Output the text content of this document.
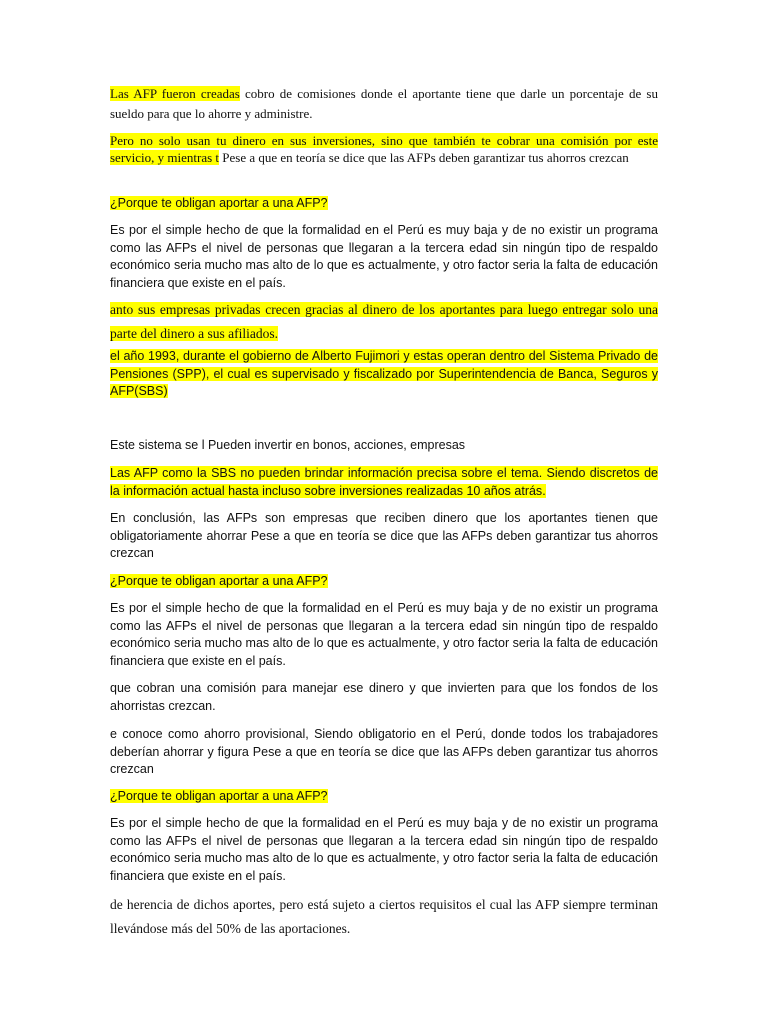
Las AFP fueron creadas cobro de comisiones donde el aportante tiene que darle un porcentaje de su sueldo para que lo ahorre y administre.

Pero no solo usan tu dinero en sus inversiones, sino que también te cobrar una comisión por este servicio, y mientras t Pese a que en teoría se dice que las AFPs deben garantizar tus ahorros crezcan

¿Porque te obligan aportar a una AFP?

Es por el simple hecho de que la formalidad en el Perú es muy baja y de no existir un programa como las AFPs el nivel de personas que llegaran a la tercera edad sin ningún tipo de respaldo económico seria mucho mas alto de lo que es actualmente, y otro factor seria la falta de educación financiera que existe en el país.

anto sus empresas privadas crecen gracias al dinero de los aportantes para luego entregar solo una parte del dinero a sus afiliados.

el año 1993, durante el gobierno de Alberto Fujimori y estas operan dentro del Sistema Privado de Pensiones (SPP), el cual es supervisado y fiscalizado por Superintendencia de Banca, Seguros y AFP(SBS)

Este sistema se l Pueden invertir en bonos, acciones, empresas

Las AFP como la SBS no pueden brindar información precisa sobre el tema. Siendo discretos de la información actual hasta incluso sobre inversiones realizadas 10 años atrás.

En conclusión, las AFPs son empresas que reciben dinero que los aportantes tienen que obligatoriamente ahorrar Pese a que en teoría se dice que las AFPs deben garantizar tus ahorros crezcan

¿Porque te obligan aportar a una AFP?

Es por el simple hecho de que la formalidad en el Perú es muy baja y de no existir un programa como las AFPs el nivel de personas que llegaran a la tercera edad sin ningún tipo de respaldo económico seria mucho mas alto de lo que es actualmente, y otro factor seria la falta de educación financiera que existe en el país.

que cobran una comisión para manejar ese dinero y que invierten para que los fondos de los ahorristas crezcan.

e conoce como ahorro provisional, Siendo obligatorio en el Perú, donde todos los trabajadores deberían ahorrar y figura Pese a que en teoría se dice que las AFPs deben garantizar tus ahorros crezcan

¿Porque te obligan aportar a una AFP?

Es por el simple hecho de que la formalidad en el Perú es muy baja y de no existir un programa como las AFPs el nivel de personas que llegaran a la tercera edad sin ningún tipo de respaldo económico seria mucho mas alto de lo que es actualmente, y otro factor seria la falta de educación financiera que existe en el país.

de herencia de dichos aportes, pero está sujeto a ciertos requisitos el cual las AFP siempre terminan llevándose más del 50% de las aportaciones.
